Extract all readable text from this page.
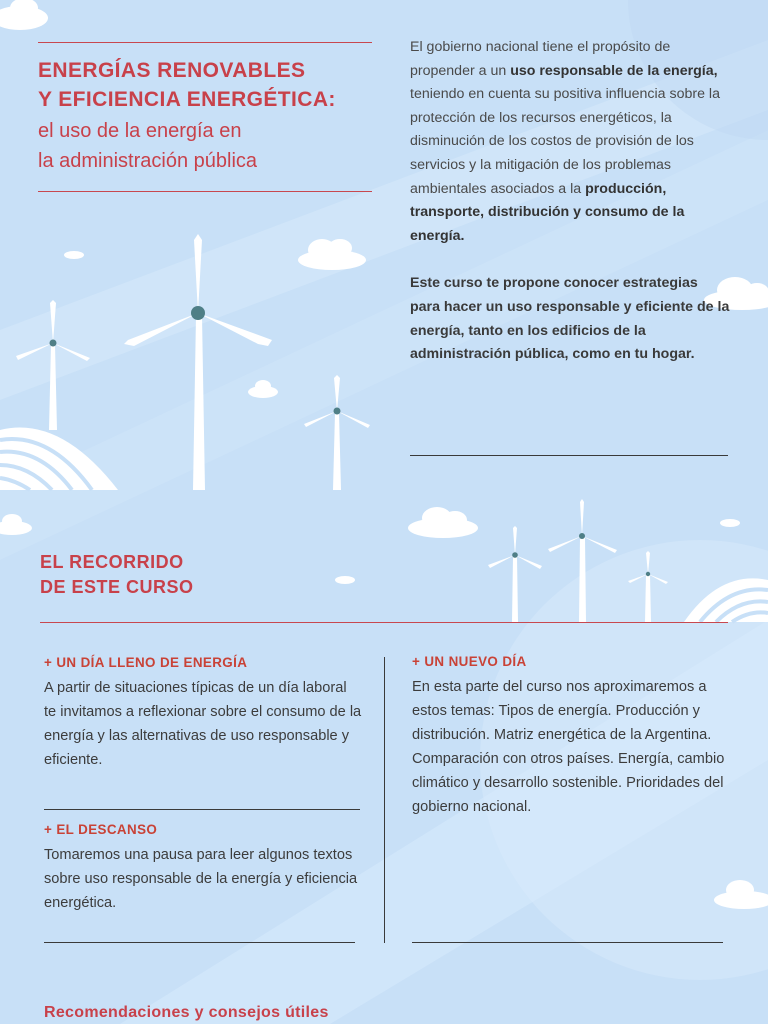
ENERGÍAS RENOVABLES

Y EFICIENCIA ENERGÉTICA:

el uso de la energía en

la administración pública

El gobierno nacional tiene el propósito de propender a un uso responsable de la energía, teniendo en cuenta su positiva influencia sobre la protección de los recursos energéticos, la disminución de los costos de provisión de los servicios y la mitigación de los problemas ambientales asociados a la producción, transporte, distribución y consumo de la energía.

Este curso te propone conocer estrategias para hacer un uso responsable y eficiente de la energía, tanto en los edificios de la administración pública, como en tu hogar.

EL RECORRIDO

DE ESTE CURSO

+ UN DÍA LLENO DE ENERGÍA

A partir de situaciones típicas de un día laboral te invitamos a reflexionar sobre el consumo de la energía y las alternativas de uso responsable y eficiente.

+ EL DESCANSO

Tomaremos una pausa para leer algunos textos sobre uso responsable de la energía y eficiencia energética.

+ UN NUEVO DÍA

En esta parte del curso nos aproximaremos a estos temas: Tipos de energía. Producción y distribución. Matriz energética de la Argentina. Comparación con otros países. Energía, cambio climático y desarrollo sostenible. Prioridades del gobierno nacional.

Recomendaciones y consejos útiles
